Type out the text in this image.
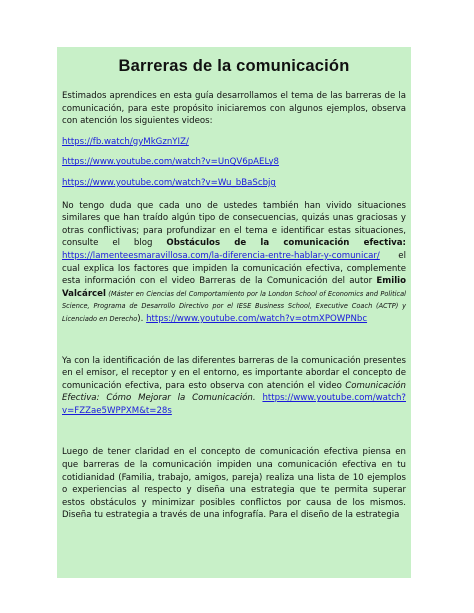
Barreras de la comunicación

Estimados aprendices en esta guía desarrollamos el tema de las barreras de la comunicación, para este propósito iniciaremos con algunos ejemplos, observa con atención los siguientes videos:

https://fb.watch/gyMkGznYIZ/

https://www.youtube.com/watch?v=UnQV6pAELy8

https://www.youtube.com/watch?v=Wu_bBaScbjg

No tengo duda que cada uno de ustedes también han vivido situaciones similares que han traído algún tipo de consecuencias, quizás unas graciosas y otras conflictivas; para profundizar en el tema e identificar estas situaciones, consulte el blog Obstáculos de la comunicación efectiva: https://lamenteesmaravillosa.com/la-diferencia-entre-hablar-y-comunicar/ el cual explica los factores que impiden la comunicación efectiva, complemente esta información con el video Barreras de la Comunicación del autor Emilio Valcárcel (Máster en Ciencias del Comportamiento por la London School of Economics and Political Science, Programa de Desarrollo Directivo por el IESE Business School, Executive Coach (ACTP) y Licenciado en Derecho). https://www.youtube.com/watch?v=otmXPOWPNbc

Ya con la identificación de las diferentes barreras de la comunicación presentes en el emisor, el receptor y en el entorno, es importante abordar el concepto de comunicación efectiva, para esto observa con atención el video Comunicación Efectiva: Cómo Mejorar la Comunicación. https://www.youtube.com/watch?v=FZZae5WPPXM&t=28s

Luego de tener claridad en el concepto de comunicación efectiva piensa en que barreras de la comunicación impiden una comunicación efectiva en tu cotidianidad (Familia, trabajo, amigos, pareja) realiza una lista de 10 ejemplos o experiencias al respecto y diseña una estrategia que te permita superar estos obstáculos y minimizar posibles conflictos por causa de los mismos. Diseña tu estrategia a través de una infografía. Para el diseño de la estrategia
